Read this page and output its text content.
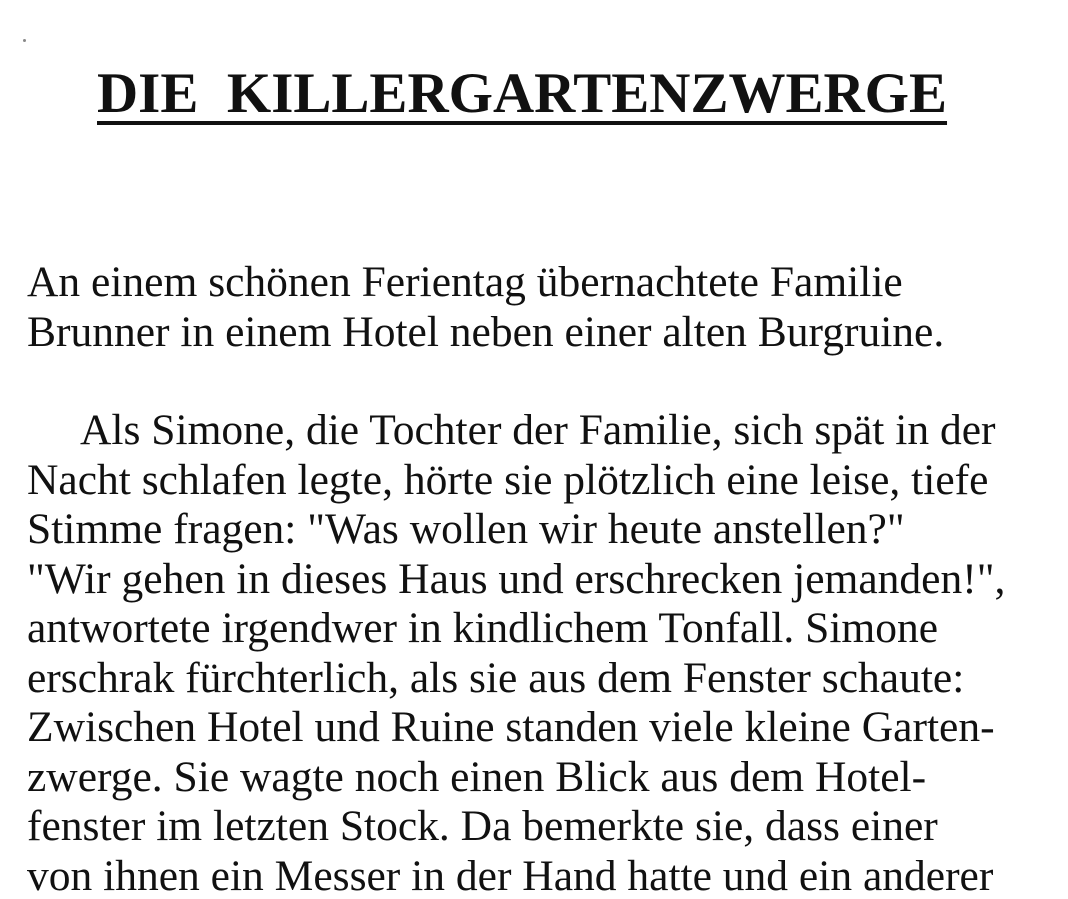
DIE  KILLERGARTENZWERGE
An einem schönen Ferientag übernachtete Familie
Brunner in einem Hotel neben einer alten Burgruine.
Als Simone, die Tochter der Familie, sich spät in der
Nacht schlafen legte, hörte sie plötzlich eine leise, tiefe
Stimme fragen: "Was wollen wir heute anstellen?"
"Wir gehen in dieses Haus und erschrecken jemanden!",
antwortete irgendwer in kindlichem Tonfall. Simone
erschrak fürchterlich, als sie aus dem Fenster schaute:
Zwischen Hotel und Ruine standen viele kleine Garten-
zwerge. Sie wagte noch einen Blick aus dem Hotel-
fenster im letzten Stock. Da bemerkte sie, dass einer
von ihnen ein Messer in der Hand hatte und ein anderer
